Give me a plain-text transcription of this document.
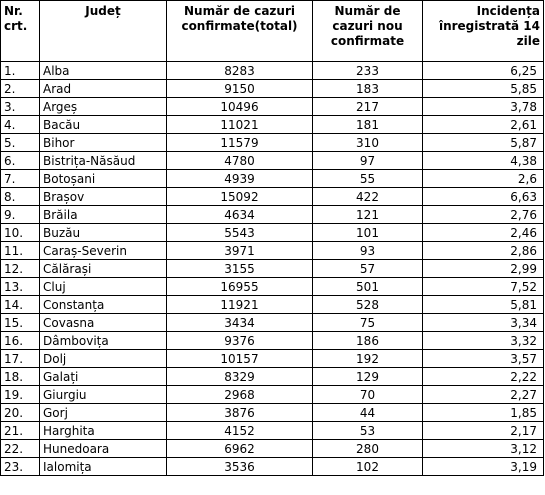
Nr. crt.	Județ	Număr de cazuri confirmate(total)	Număr de cazuri nou confirmate	Incidența înregistrată 14 zile
1.	Alba	8283	233	6,25
2.	Arad	9150	183	5,85
3.	Argeș	10496	217	3,78
4.	Bacău	11021	181	2,61
5.	Bihor	11579	310	5,87
6.	Bistrița-Năsăud	4780	97	4,38
7.	Botoșani	4939	55	2,6
8.	Brașov	15092	422	6,63
9.	Brăila	4634	121	2,76
10.	Buzău	5543	101	2,46
11.	Caraș-Severin	3971	93	2,86
12.	Călărași	3155	57	2,99
13.	Cluj	16955	501	7,52
14.	Constanța	11921	528	5,81
15.	Covasna	3434	75	3,34
16.	Dâmbovița	9376	186	3,32
17.	Dolj	10157	192	3,57
18.	Galați	8329	129	2,22
19.	Giurgiu	2968	70	2,27
20.	Gorj	3876	44	1,85
21.	Harghita	4152	53	2,17
22.	Hunedoara	6962	280	3,12
23.	Ialomița	3536	102	3,19
